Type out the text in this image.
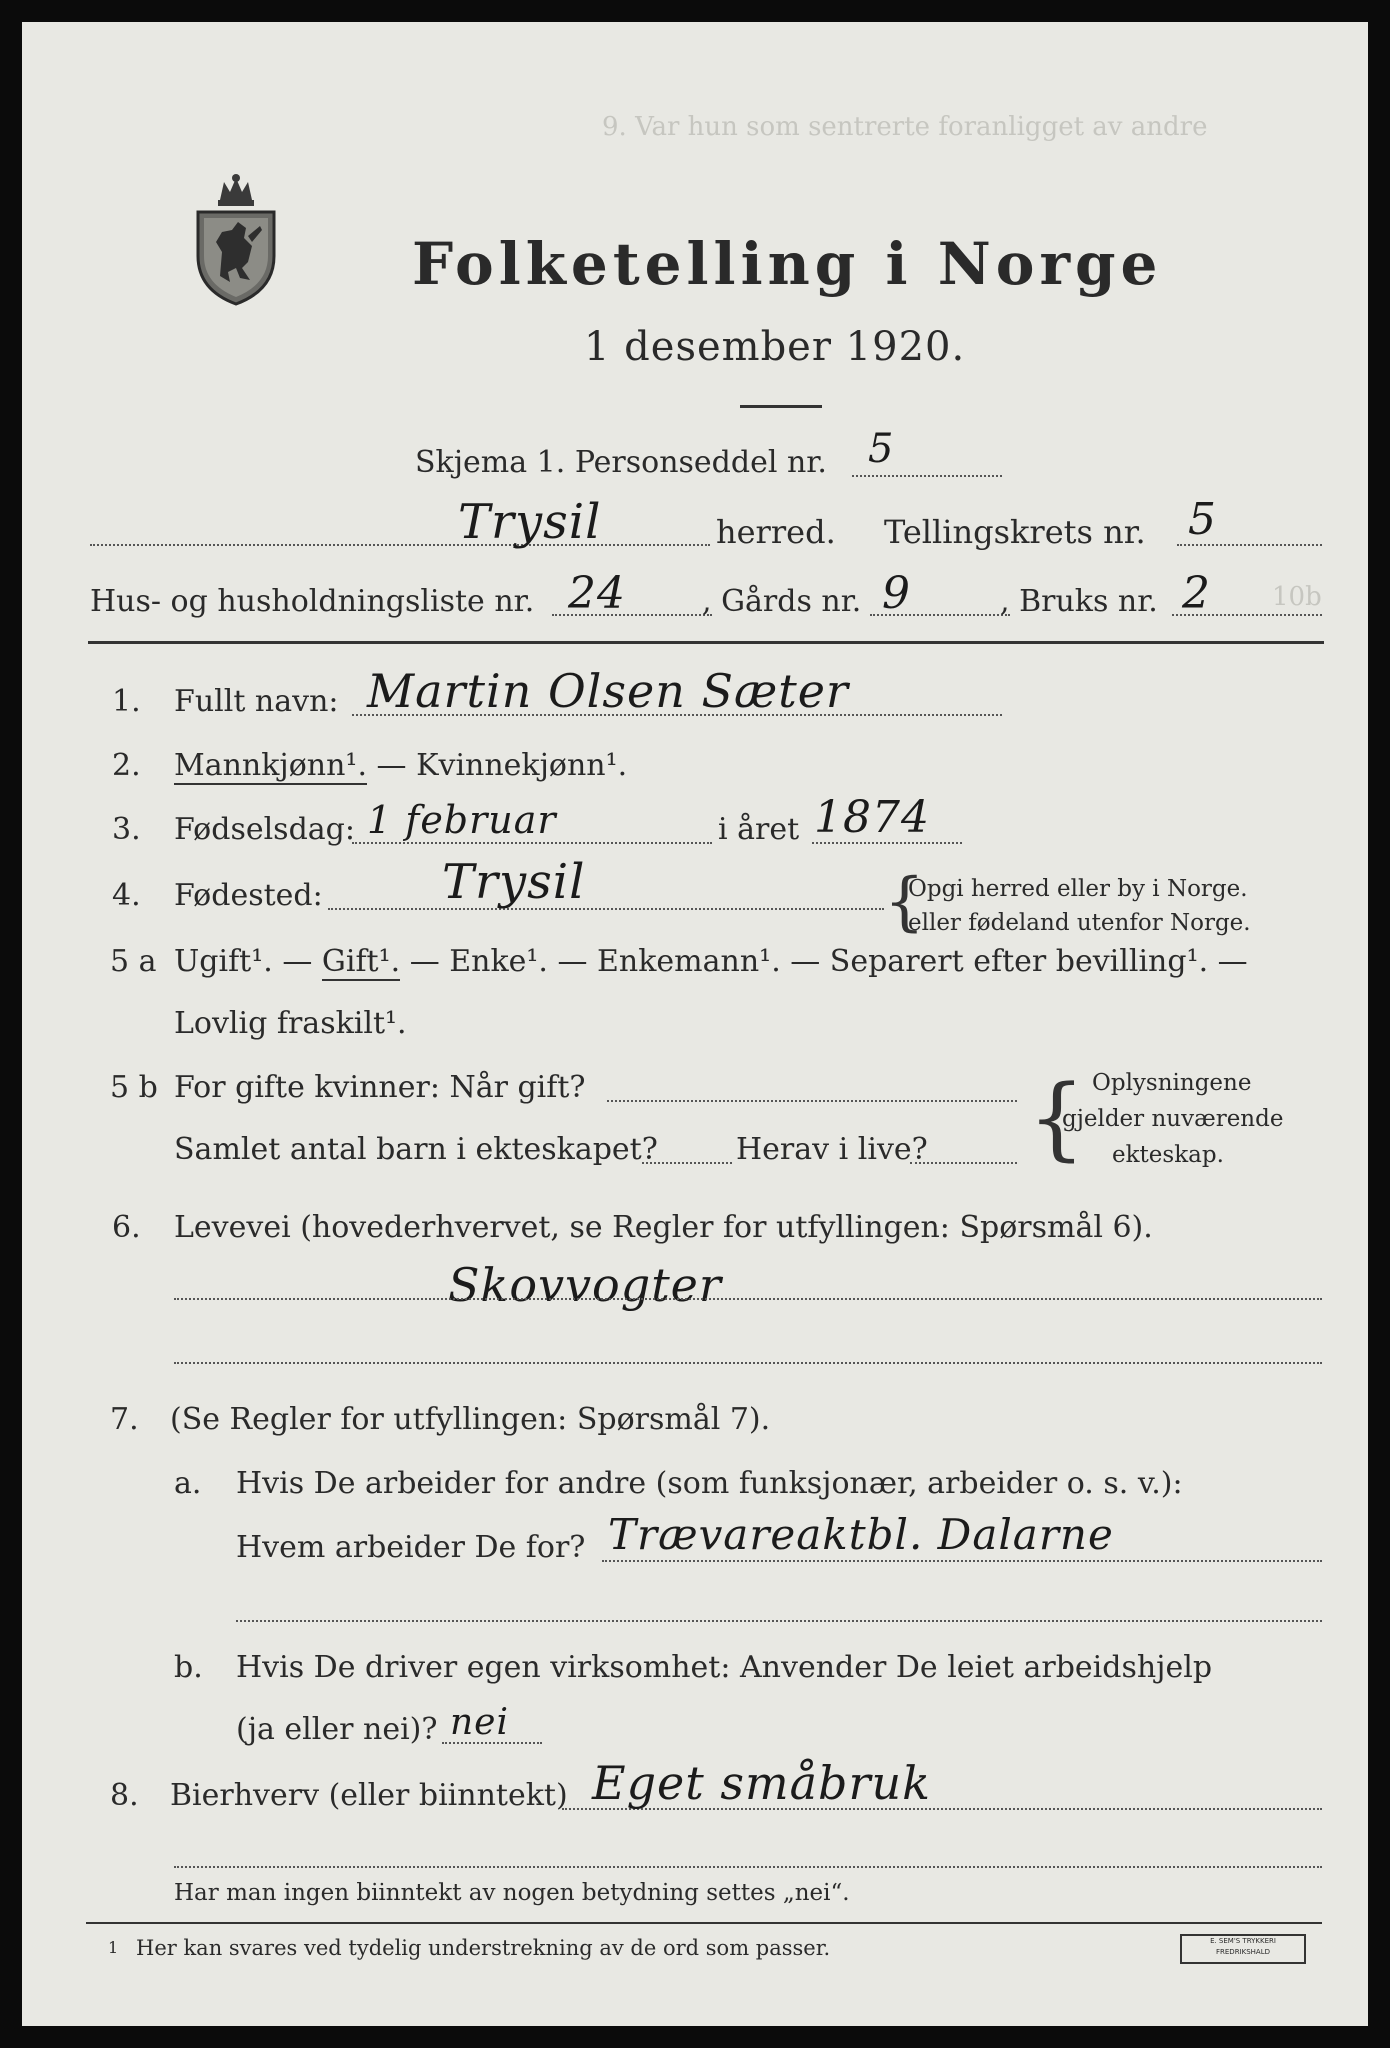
9. Var hun som sentrerte foranligget av andre
10b
Folketelling i Norge
1 desember 1920.
Skjema 1. Personseddel nr. 5
Trysil	herred. Tellingskrets nr. 5
Hus- og husholdningsliste nr. 24	, Gårds nr. 9	, Bruks nr. 2
1. Fullt navn: Martin Olsen Sæter
2. Mannkjønn¹. — Kvinnekjønn¹.
3. Fødselsdag: 1 februar	i året 1874
4. Fødested: Trysil	{
Opgi herred eller by i Norge.
eller fødeland utenfor Norge.
5 a Ugift¹. — Gift¹. — Enke¹. — Enkemann¹. — Separert efter bevilling¹. —
Lovlig fraskilt¹.
5 b For gifte kvinner: Når gift?
Samlet antal barn i ekteskapet?	Herav i live? { Oplysningene
gjelder nuværende
ekteskap.
6. Levevei (hovederhvervet, se Regler for utfyllingen: Spørsmål 6).
Skovvogter
7. (Se Regler for utfyllingen: Spørsmål 7).
a. Hvis De arbeider for andre (som funksjonær, arbeider o. s. v.):
Hvem arbeider De for? Trævareaktbl. Dalarne
b. Hvis De driver egen virksomhet: Anvender De leiet arbeidshjelp
(ja eller nei)? nei
8. Bierhverv (eller biinntekt) Eget småbruk
Har man ingen biinntekt av nogen betydning settes „nei“.
1 Her kan svares ved tydelig understrekning av de ord som passer.	E. SEM'S TRYKKERI FREDRIKSHALD
